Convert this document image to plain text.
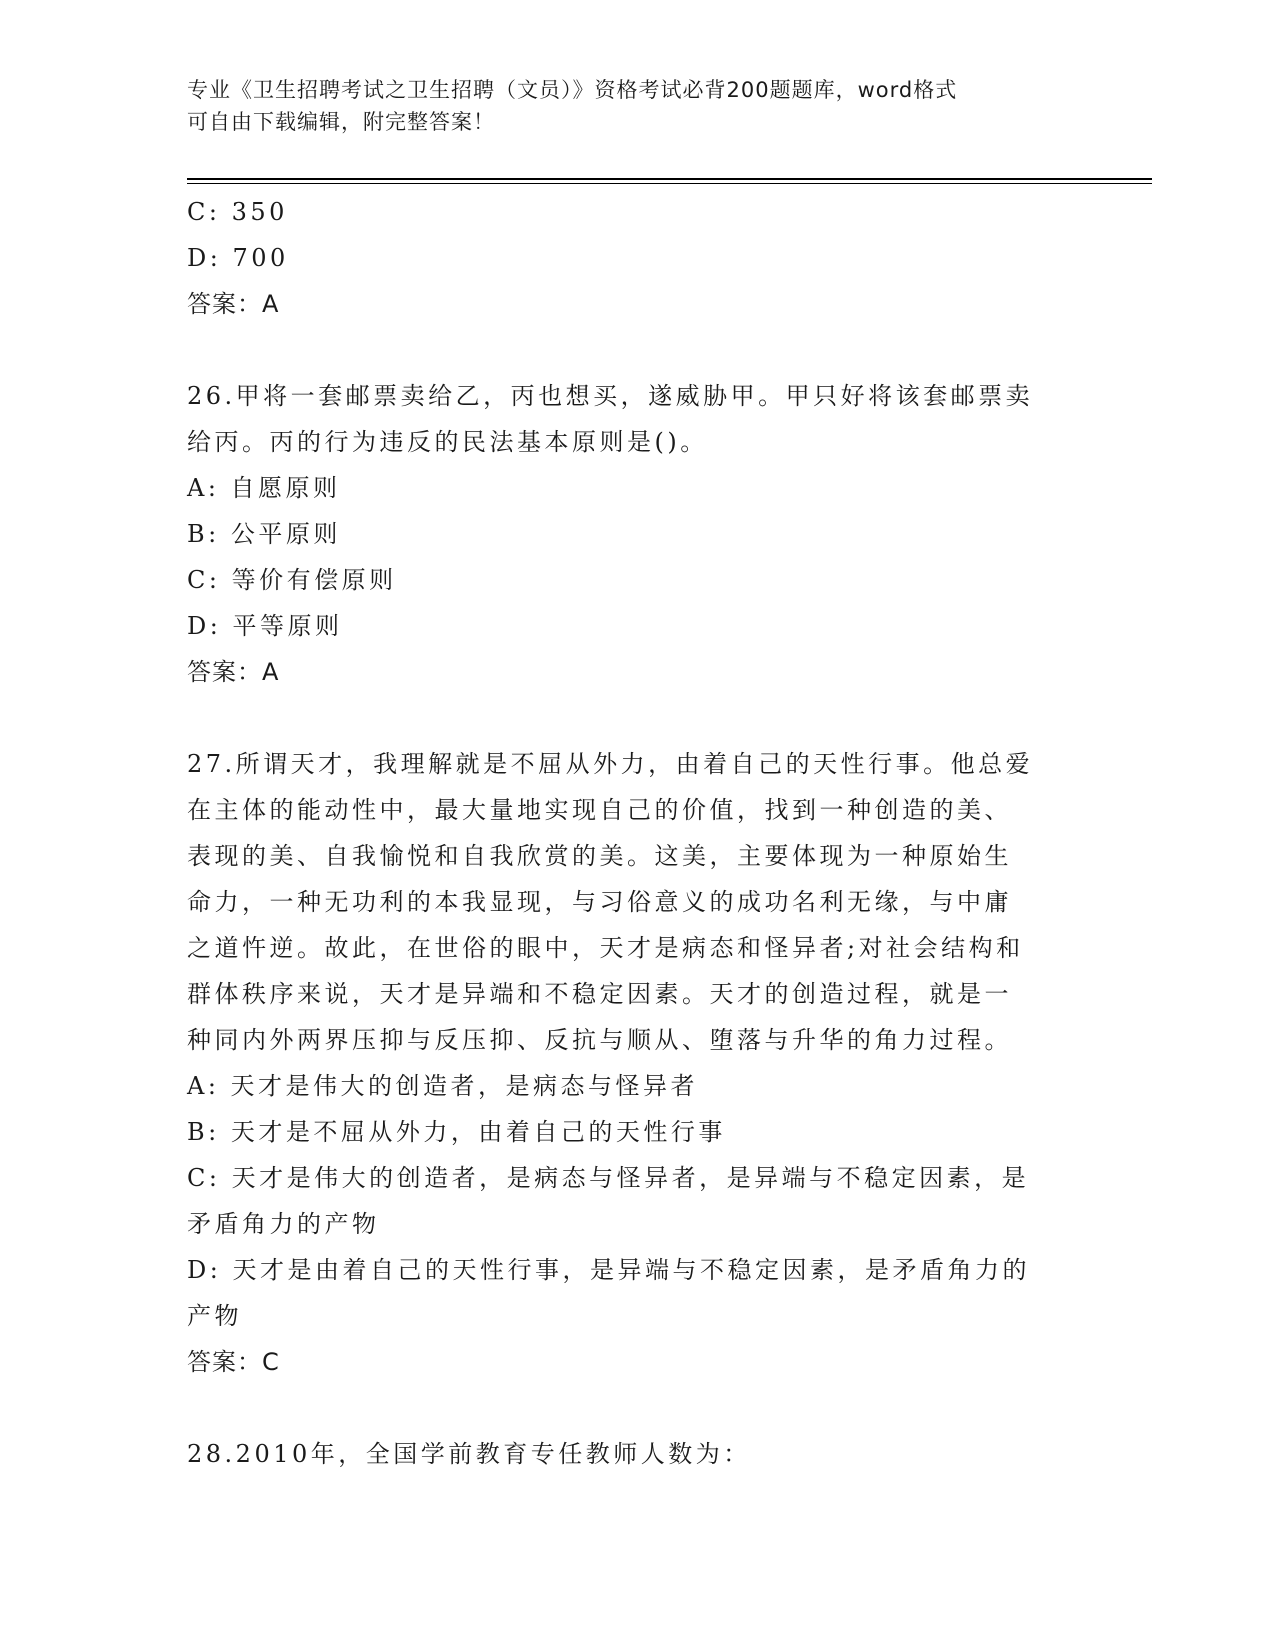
专业《卫生招聘考试之卫生招聘（文员）》资格考试必背200题题库，word格式
可自由下载编辑，附完整答案！

C: 350

D: 700

答案：A

26.甲将一套邮票卖给乙，丙也想买，遂威胁甲。甲只好将该套邮票卖

给丙。丙的行为违反的民法基本原则是()。

A: 自愿原则

B: 公平原则

C: 等价有偿原则

D: 平等原则

答案：A

27.所谓天才，我理解就是不屈从外力，由着自己的天性行事。他总爱

在主体的能动性中，最大量地实现自己的价值，找到一种创造的美、

表现的美、自我愉悦和自我欣赏的美。这美，主要体现为一种原始生

命力，一种无功利的本我显现，与习俗意义的成功名利无缘，与中庸

之道忤逆。故此，在世俗的眼中，天才是病态和怪异者;对社会结构和

群体秩序来说，天才是异端和不稳定因素。天才的创造过程，就是一

种同内外两界压抑与反压抑、反抗与顺从、堕落与升华的角力过程。

A: 天才是伟大的创造者，是病态与怪异者

B: 天才是不屈从外力，由着自己的天性行事

C: 天才是伟大的创造者，是病态与怪异者，是异端与不稳定因素，是

矛盾角力的产物

D: 天才是由着自己的天性行事，是异端与不稳定因素，是矛盾角力的

产物

答案：C

28.2010年，全国学前教育专任教师人数为：
